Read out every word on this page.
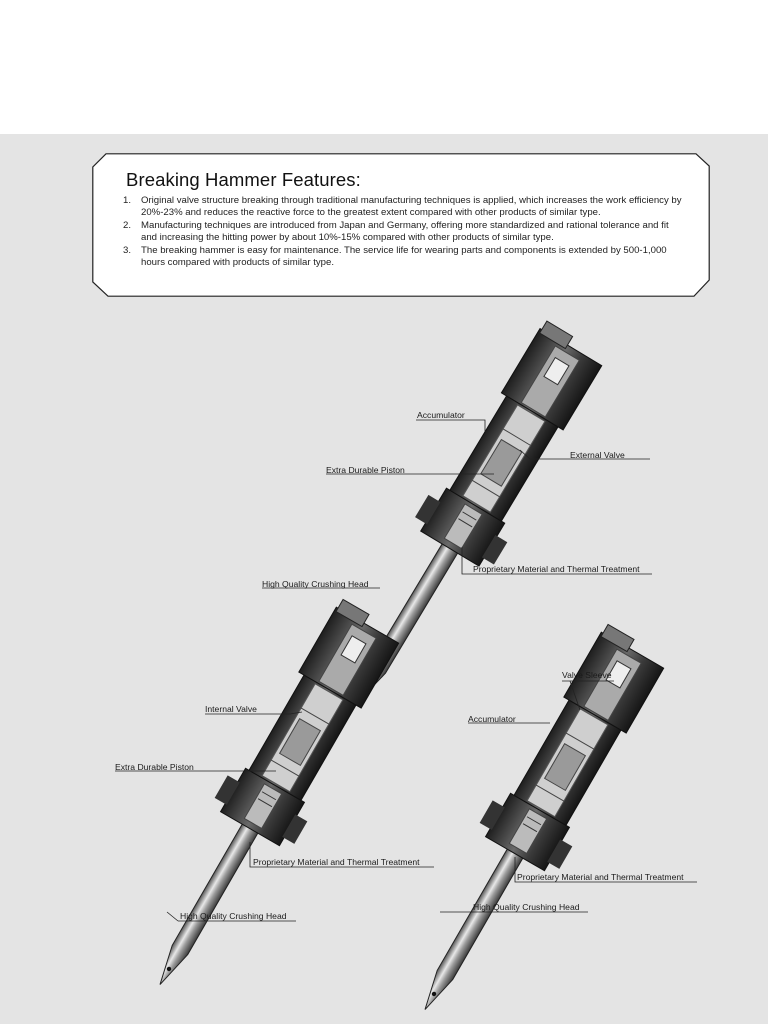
Breaking Hammer Features:
1. Original valve structure breaking through traditional manufacturing techniques is applied, which increases the work efficiency by 20%-23% and reduces the reactive force to the greatest extent compared with other products of similar type.
2. Manufacturing techniques are introduced from Japan and Germany, offering more standardized and rational tolerance and fit and increasing the hitting power by about 10%-15% compared with other products of similar type.
3. The breaking hammer is easy for maintenance. The service life for wearing parts and components is extended by 500-1,000 hours compared with products of similar type.
Accumulator
External Valve
Extra Durable Piston
Proprietary Material and Thermal Treatment
High Quality Crushing Head
Internal Valve
Extra Durable Piston
Proprietary Material and Thermal Treatment
High Quality Crushing Head
Valve Sleeve
Accumulator
Proprietary Material and Thermal Treatment
High Quality Crushing Head
